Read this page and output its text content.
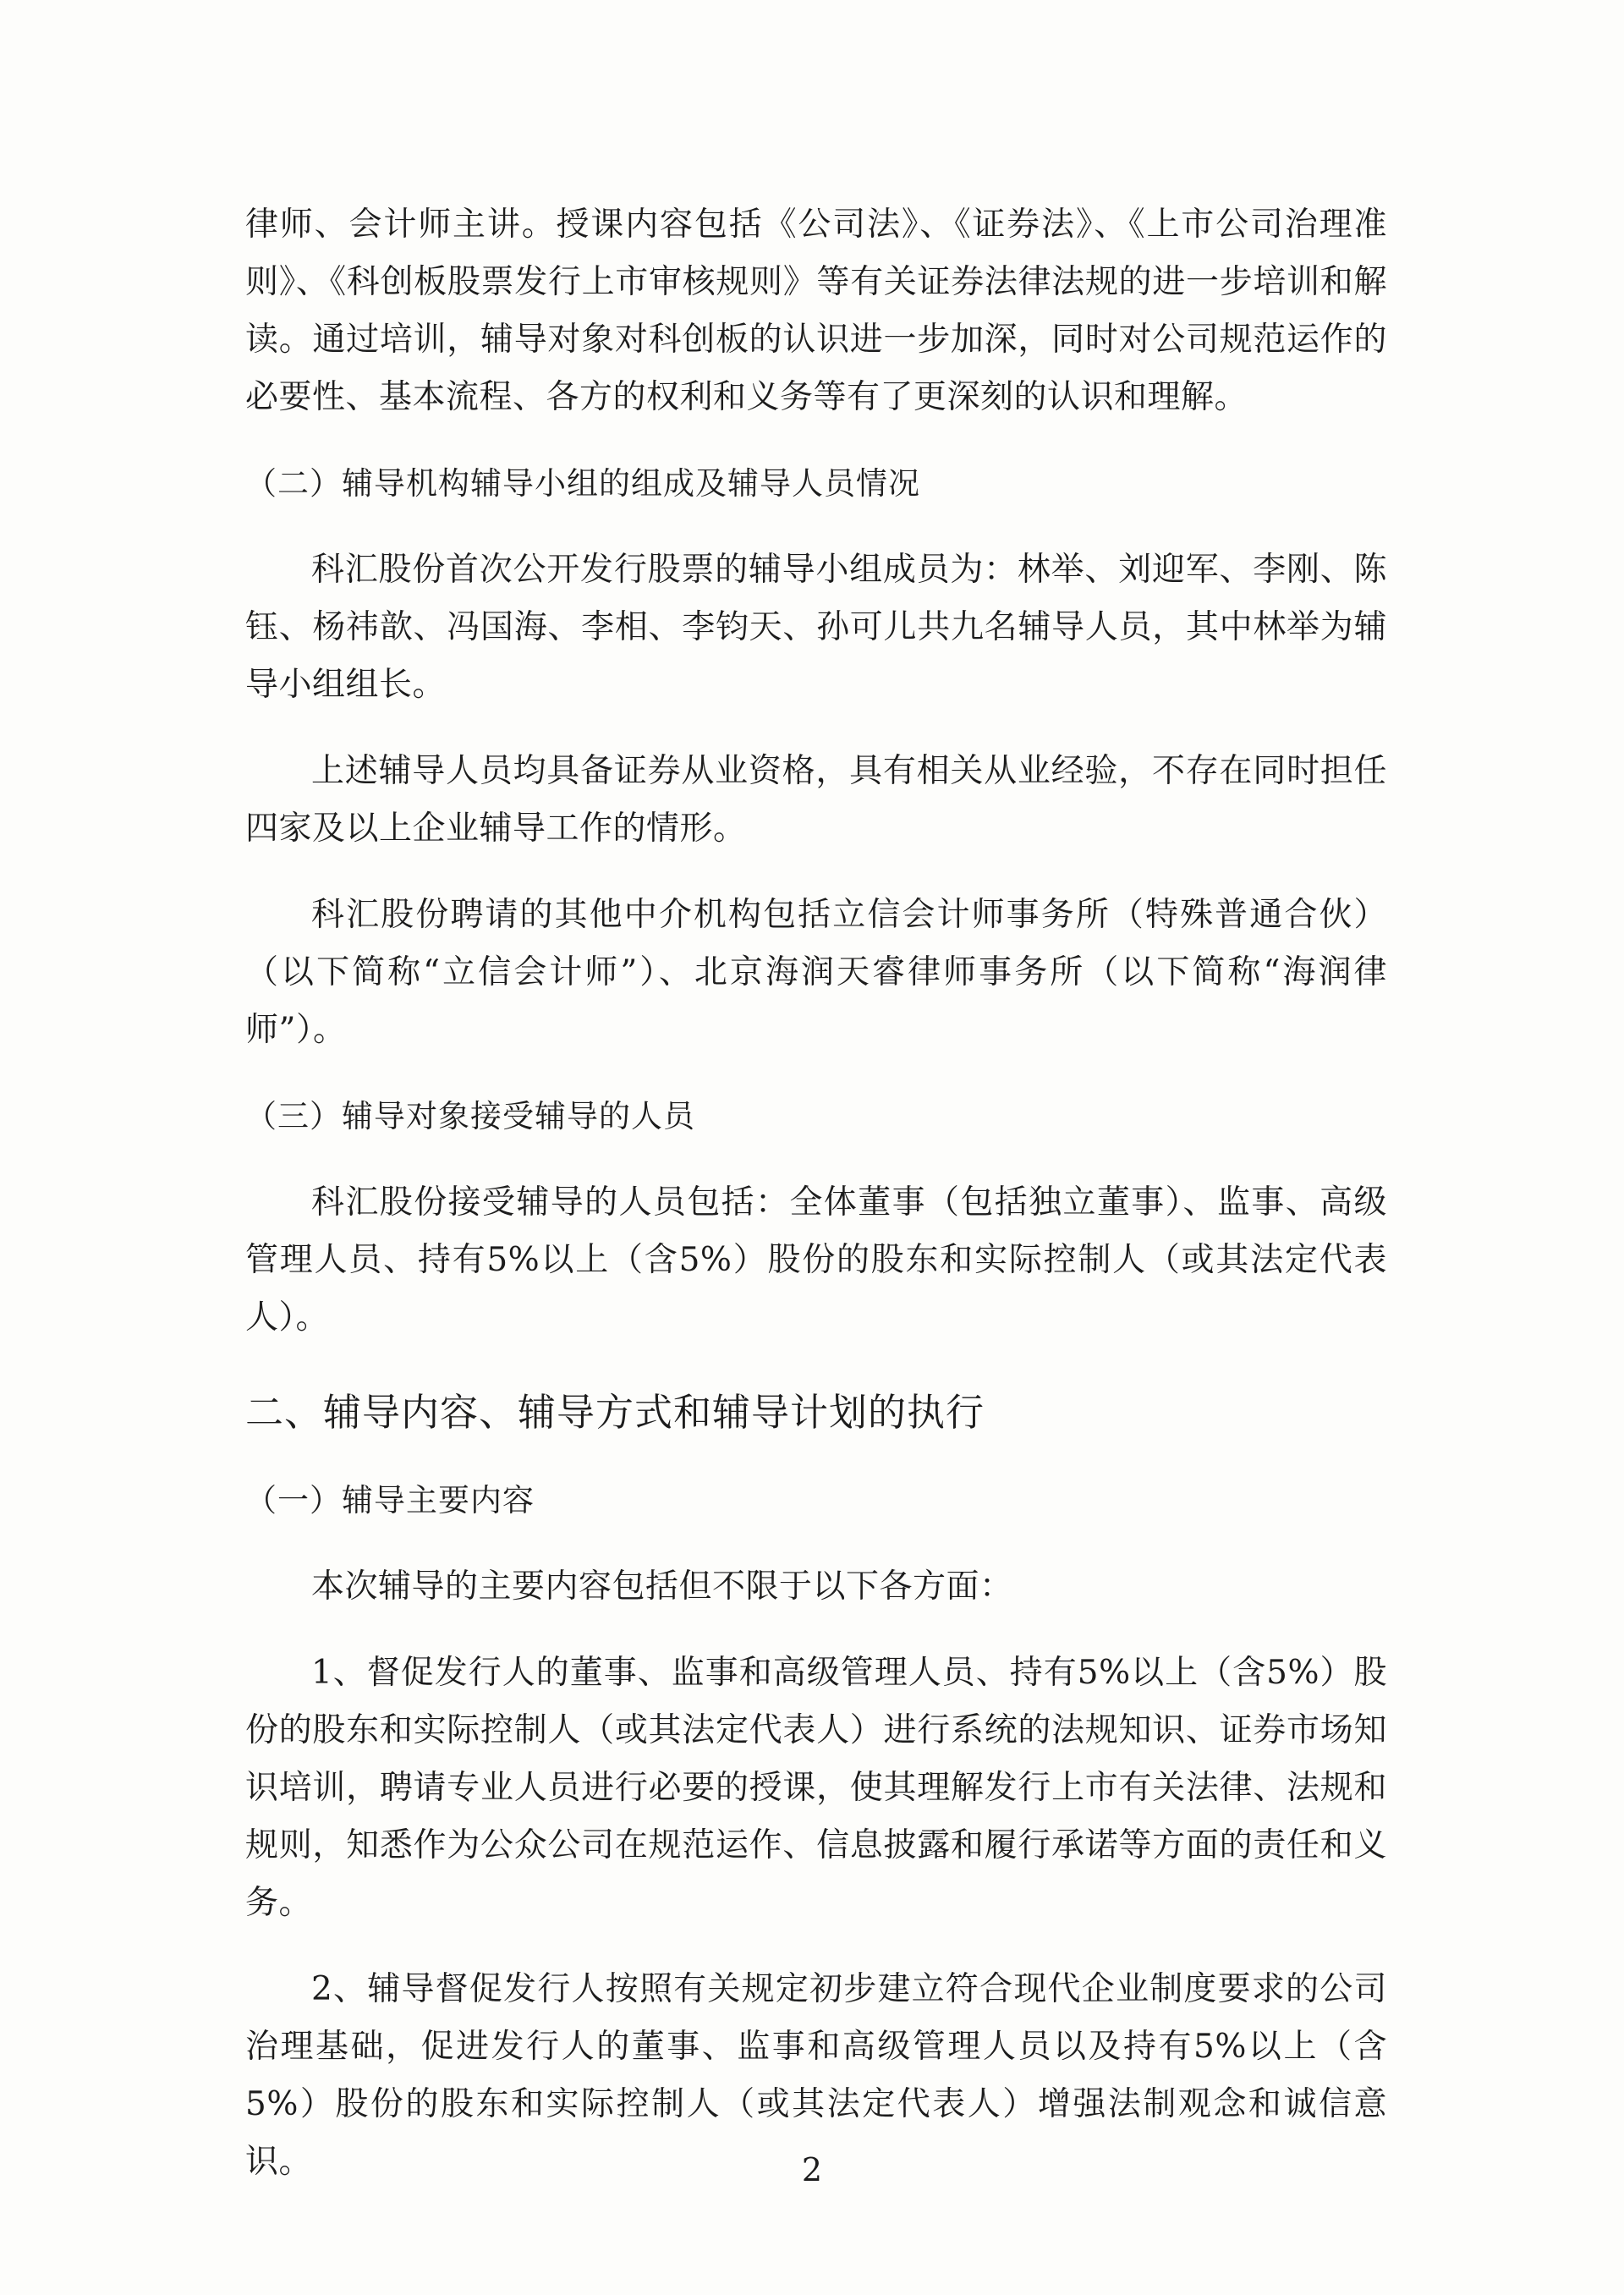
律师、会计师主讲。授课内容包括《公司法》、《证券法》、《上市公司治理准则》、《科创板股票发行上市审核规则》等有关证券法律法规的进一步培训和解读。通过培训，辅导对象对科创板的认识进一步加深，同时对公司规范运作的必要性、基本流程、各方的权利和义务等有了更深刻的认识和理解。

（二）辅导机构辅导小组的组成及辅导人员情况

科汇股份首次公开发行股票的辅导小组成员为：林举、刘迎军、李刚、陈钰、杨祎歆、冯国海、李相、李钧天、孙可儿共九名辅导人员，其中林举为辅导小组组长。

上述辅导人员均具备证券从业资格，具有相关从业经验，不存在同时担任四家及以上企业辅导工作的情形。

科汇股份聘请的其他中介机构包括立信会计师事务所（特殊普通合伙）（以下简称“立信会计师”）、北京海润天睿律师事务所（以下简称“海润律师”）。

（三）辅导对象接受辅导的人员

科汇股份接受辅导的人员包括：全体董事（包括独立董事）、监事、高级管理人员、持有5%以上（含5%）股份的股东和实际控制人（或其法定代表人）。

二、辅导内容、辅导方式和辅导计划的执行

（一）辅导主要内容

本次辅导的主要内容包括但不限于以下各方面：

1、督促发行人的董事、监事和高级管理人员、持有5%以上（含5%）股份的股东和实际控制人（或其法定代表人）进行系统的法规知识、证券市场知识培训，聘请专业人员进行必要的授课，使其理解发行上市有关法律、法规和规则，知悉作为公众公司在规范运作、信息披露和履行承诺等方面的责任和义务。

2、辅导督促发行人按照有关规定初步建立符合现代企业制度要求的公司治理基础，促进发行人的董事、监事和高级管理人员以及持有5%以上（含5%）股份的股东和实际控制人（或其法定代表人）增强法制观念和诚信意识。	2
